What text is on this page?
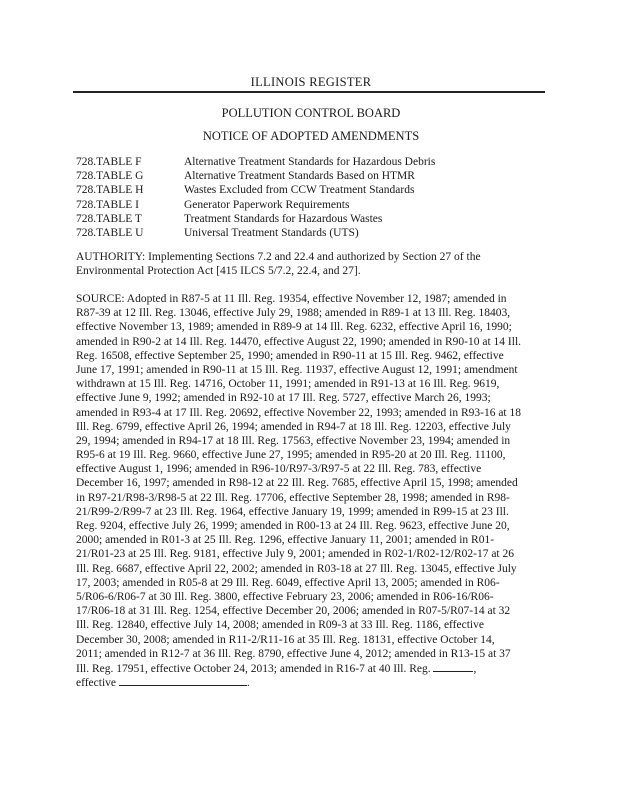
ILLINOIS REGISTER
POLLUTION CONTROL BOARD
NOTICE OF ADOPTED AMENDMENTS
728.TABLE F	Alternative Treatment Standards for Hazardous Debris
728.TABLE G	Alternative Treatment Standards Based on HTMR
728.TABLE H	Wastes Excluded from CCW Treatment Standards
728.TABLE I	Generator Paperwork Requirements
728.TABLE T	Treatment Standards for Hazardous Wastes
728.TABLE U	Universal Treatment Standards (UTS)
AUTHORITY: Implementing Sections 7.2 and 22.4 and authorized by Section 27 of the
Environmental Protection Act [415 ILCS 5/7.2, 22.4, and 27].
SOURCE: Adopted in R87-5 at 11 Ill. Reg. 19354, effective November 12, 1987; amended in
R87-39 at 12 Ill. Reg. 13046, effective July 29, 1988; amended in R89-1 at 13 Ill. Reg. 18403,
effective November 13, 1989; amended in R89-9 at 14 Ill. Reg. 6232, effective April 16, 1990;
amended in R90-2 at 14 Ill. Reg. 14470, effective August 22, 1990; amended in R90-10 at 14 Ill.
Reg. 16508, effective September 25, 1990; amended in R90-11 at 15 Ill. Reg. 9462, effective
June 17, 1991; amended in R90-11 at 15 Ill. Reg. 11937, effective August 12, 1991; amendment
withdrawn at 15 Ill. Reg. 14716, October 11, 1991; amended in R91-13 at 16 Ill. Reg. 9619,
effective June 9, 1992; amended in R92-10 at 17 Ill. Reg. 5727, effective March 26, 1993;
amended in R93-4 at 17 Ill. Reg. 20692, effective November 22, 1993; amended in R93-16 at 18
Ill. Reg. 6799, effective April 26, 1994; amended in R94-7 at 18 Ill. Reg. 12203, effective July
29, 1994; amended in R94-17 at 18 Ill. Reg. 17563, effective November 23, 1994; amended in
R95-6 at 19 Ill. Reg. 9660, effective June 27, 1995; amended in R95-20 at 20 Ill. Reg. 11100,
effective August 1, 1996; amended in R96-10/R97-3/R97-5 at 22 Ill. Reg. 783, effective
December 16, 1997; amended in R98-12 at 22 Ill. Reg. 7685, effective April 15, 1998; amended
in R97-21/R98-3/R98-5 at 22 Ill. Reg. 17706, effective September 28, 1998; amended in R98-
21/R99-2/R99-7 at 23 Ill. Reg. 1964, effective January 19, 1999; amended in R99-15 at 23 Ill.
Reg. 9204, effective July 26, 1999; amended in R00-13 at 24 Ill. Reg. 9623, effective June 20,
2000; amended in R01-3 at 25 Ill. Reg. 1296, effective January 11, 2001; amended in R01-
21/R01-23 at 25 Ill. Reg. 9181, effective July 9, 2001; amended in R02-1/R02-12/R02-17 at 26
Ill. Reg. 6687, effective April 22, 2002; amended in R03-18 at 27 Ill. Reg. 13045, effective July
17, 2003; amended in R05-8 at 29 Ill. Reg. 6049, effective April 13, 2005; amended in R06-
5/R06-6/R06-7 at 30 Ill. Reg. 3800, effective February 23, 2006; amended in R06-16/R06-
17/R06-18 at 31 Ill. Reg. 1254, effective December 20, 2006; amended in R07-5/R07-14 at 32
Ill. Reg. 12840, effective July 14, 2008; amended in R09-3 at 33 Ill. Reg. 1186, effective
December 30, 2008; amended in R11-2/R11-16 at 35 Ill. Reg. 18131, effective October 14,
2011; amended in R12-7 at 36 Ill. Reg. 8790, effective June 4, 2012; amended in R13-15 at 37
Ill. Reg. 17951, effective October 24, 2013; amended in R16-7 at 40 Ill. Reg.	,
effective	.
